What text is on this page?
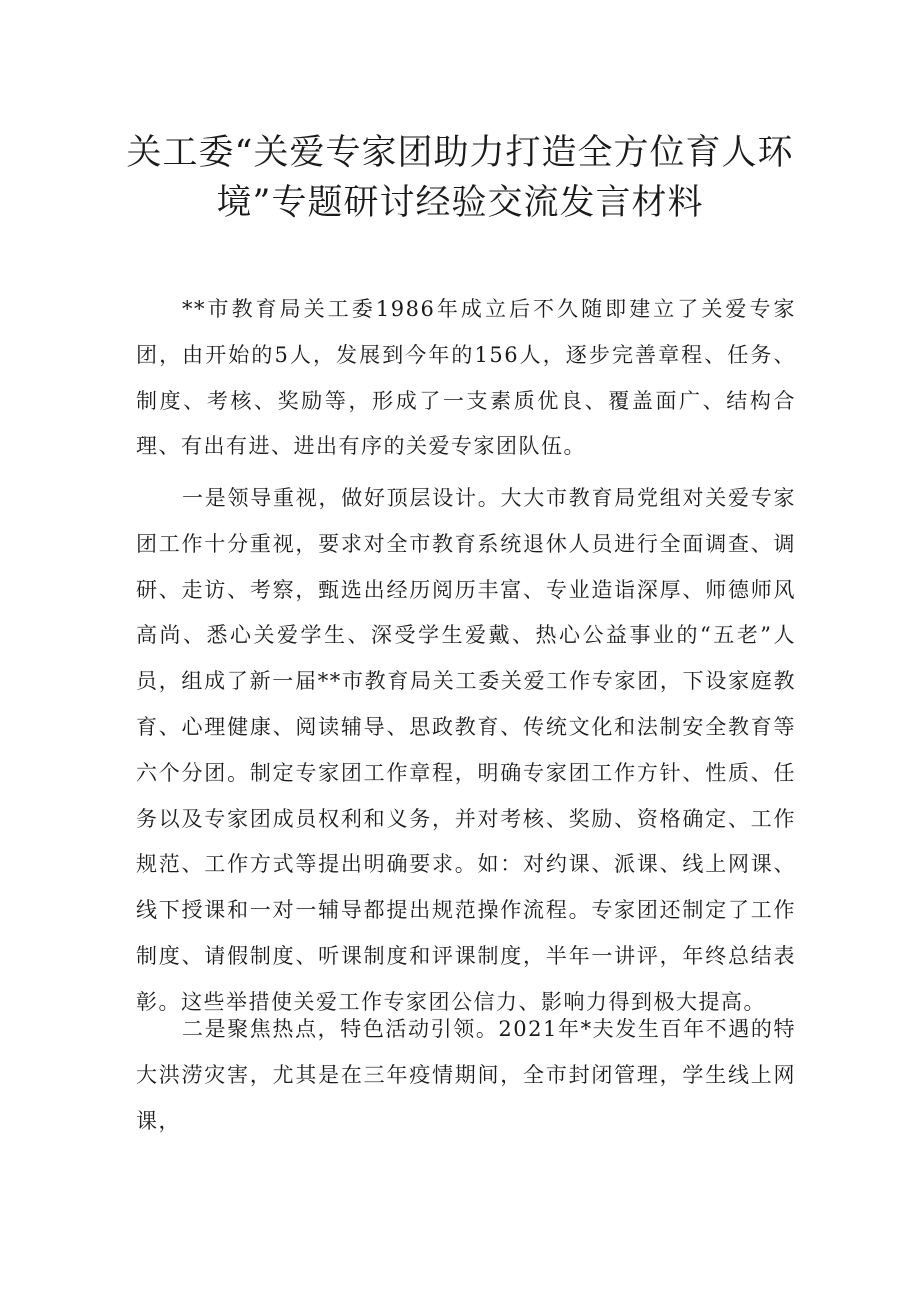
关工委“关爱专家团助力打造全方位育人环境”专题研讨经验交流发言材料

**市教育局关工委1986年成立后不久随即建立了关爱专家团，由开始的5人，发展到今年的156人，逐步完善章程、任务、制度、考核、奖励等，形成了一支素质优良、覆盖面广、结构合理、有出有进、进出有序的关爱专家团队伍。

一是领导重视，做好顶层设计。大大市教育局党组对关爱专家团工作十分重视，要求对全市教育系统退休人员进行全面调查、调研、走访、考察，甄选出经历阅历丰富、专业造诣深厚、师德师风高尚、悉心关爱学生、深受学生爱戴、热心公益事业的“五老”人员，组成了新一届**市教育局关工委关爱工作专家团，下设家庭教育、心理健康、阅读辅导、思政教育、传统文化和法制安全教育等六个分团。制定专家团工作章程，明确专家团工作方针、性质、任务以及专家团成员权利和义务，并对考核、奖励、资格确定、工作规范、工作方式等提出明确要求。如：对约课、派课、线上网课、线下授课和一对一辅导都提出规范操作流程。专家团还制定了工作制度、请假制度、听课制度和评课制度，半年一讲评，年终总结表彰。这些举措使关爱工作专家团公信力、影响力得到极大提高。

二是聚焦热点，特色活动引领。2021年*夫发生百年不遇的特大洪涝灾害，尤其是在三年疫情期间，全市封闭管理，学生线上网课，
